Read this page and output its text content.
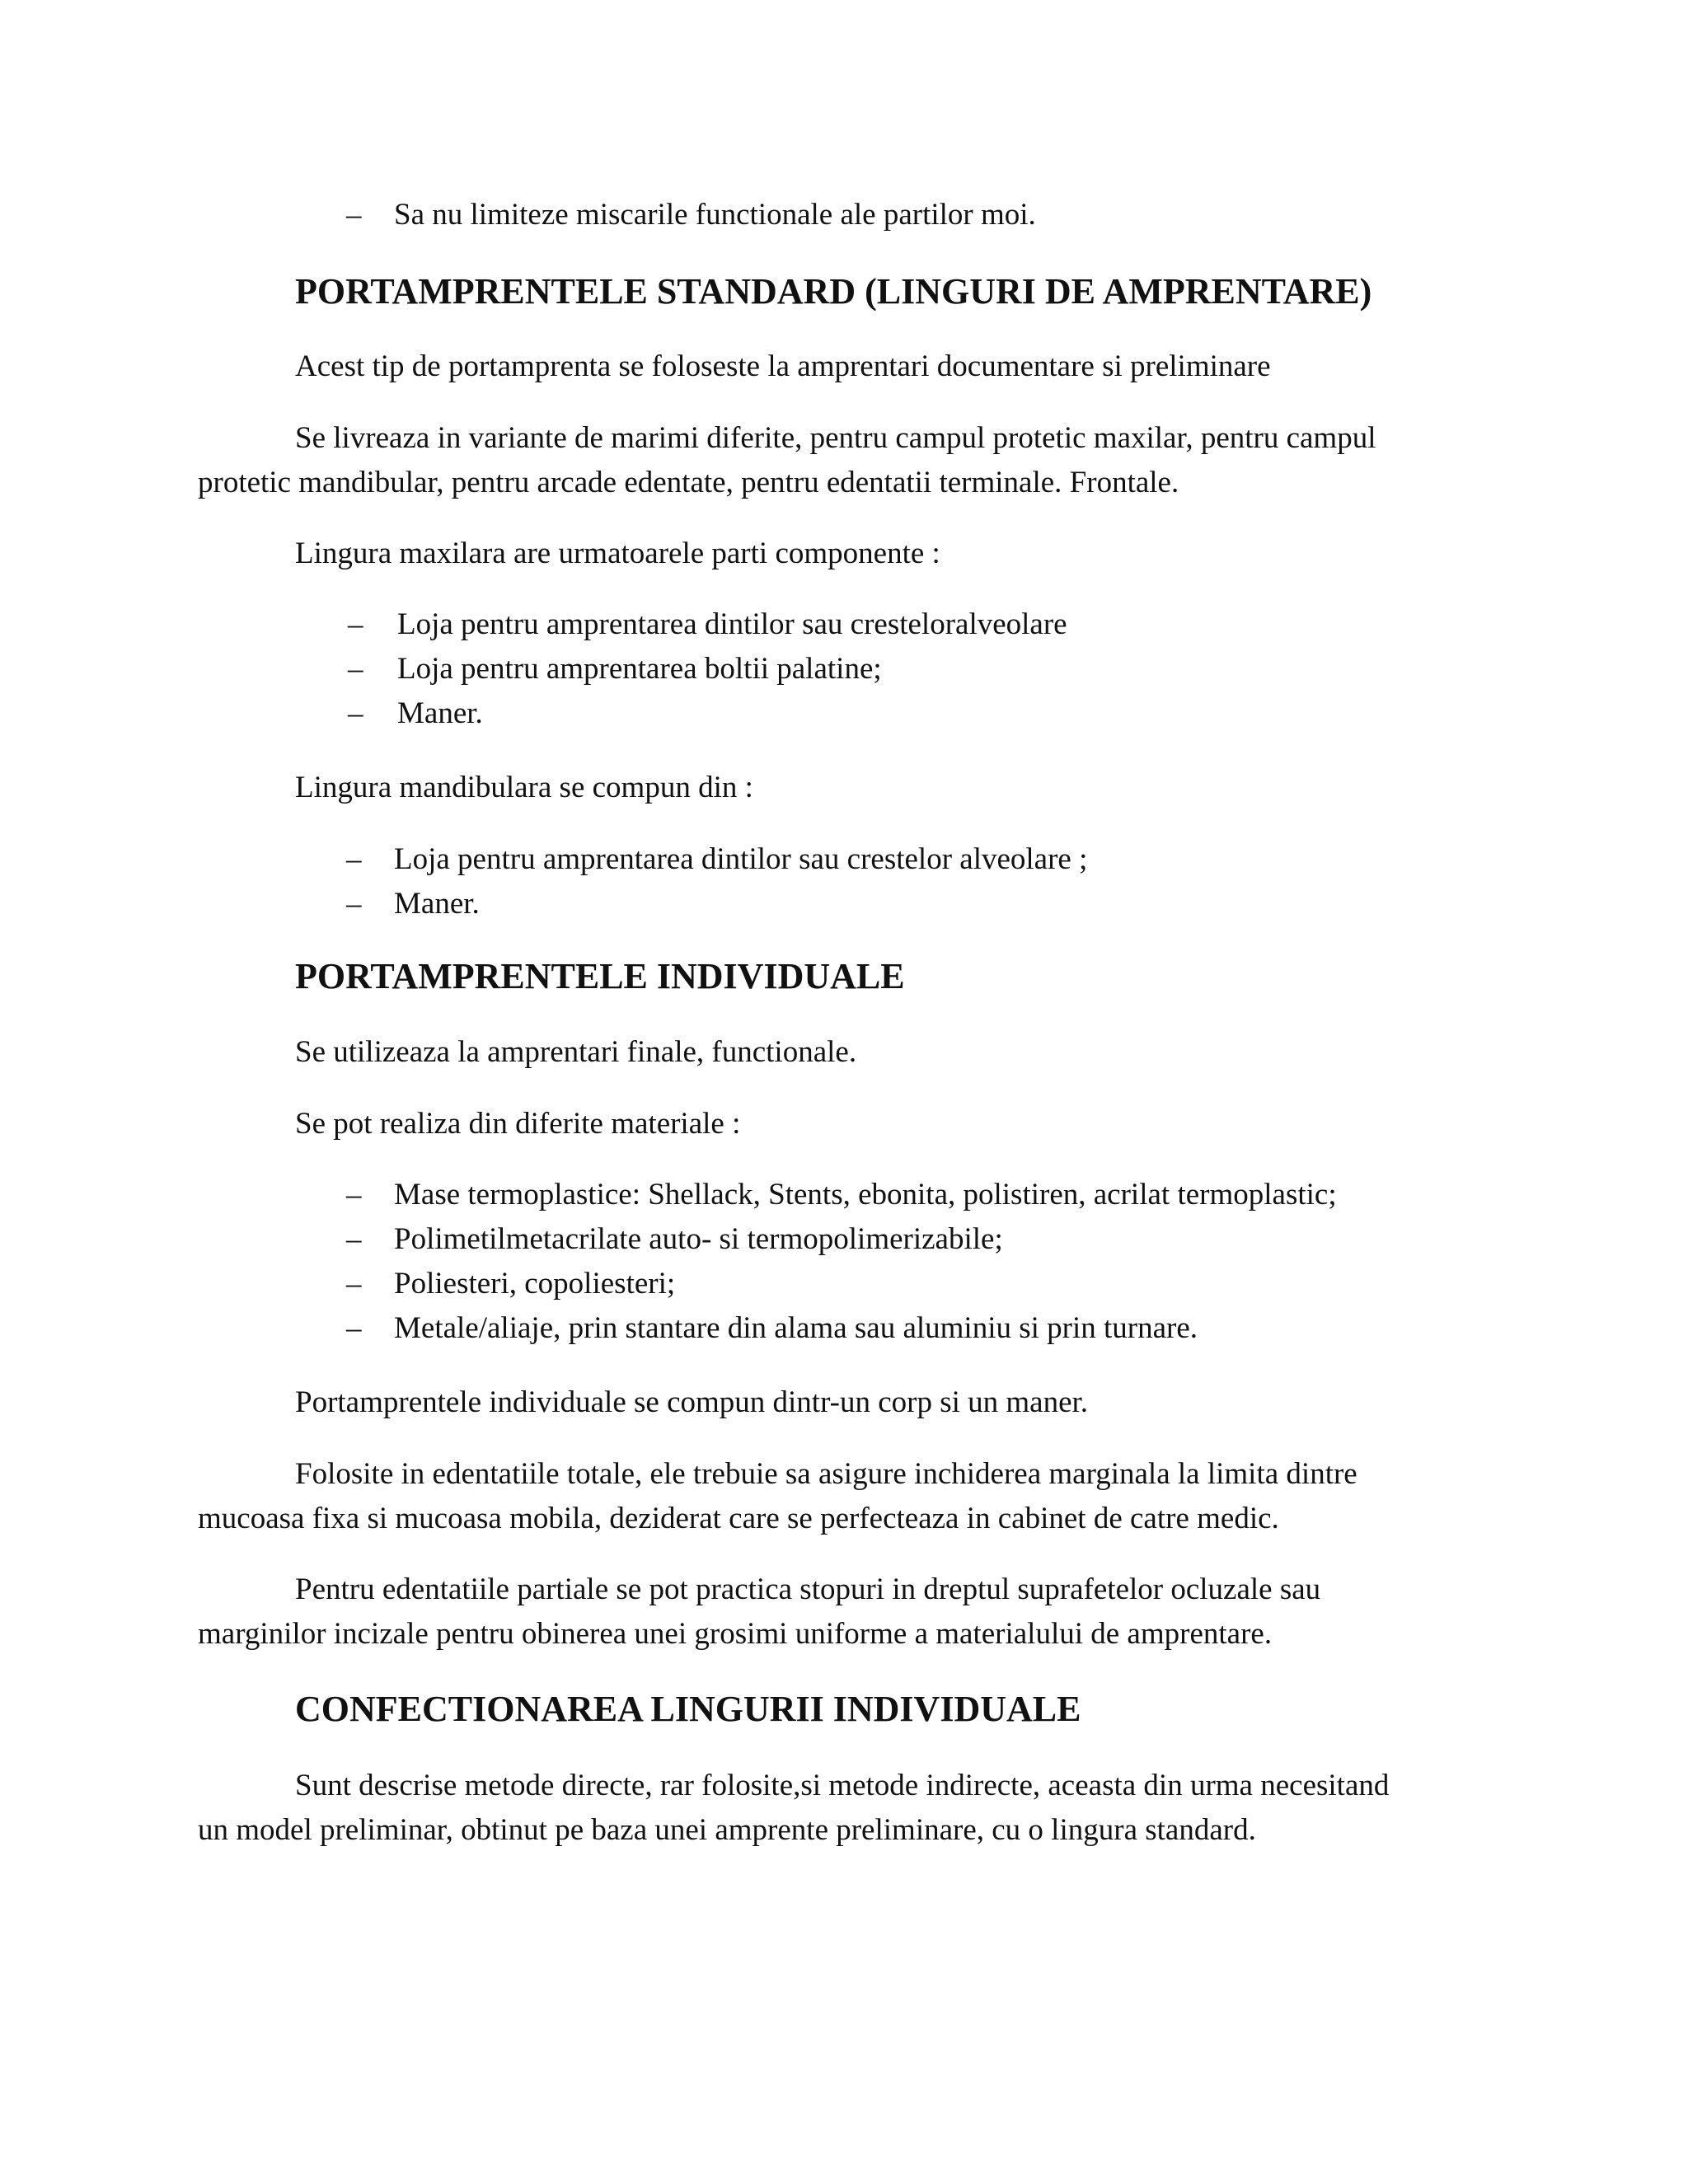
– Sa nu limiteze miscarile functionale ale partilor moi.
PORTAMPRENTELE STANDARD (LINGURI DE AMPRENTARE)

Acest tip de portamprenta se foloseste la amprentari documentare si preliminare

Se livreaza in variante de marimi diferite, pentru campul protetic maxilar, pentru campul

protetic mandibular, pentru arcade edentate, pentru edentatii terminale. Frontale.

Lingura maxilara are urmatoarele parti componente :

– Loja pentru amprentarea dintilor sau cresteloralveolare
– Loja pentru amprentarea boltii palatine;
– Maner.

Lingura mandibulara se compun din :

– Loja pentru amprentarea dintilor sau crestelor alveolare ;
– Maner.
PORTAMPRENTELE INDIVIDUALE

Se utilizeaza la amprentari finale, functionale.

Se pot realiza din diferite materiale :

– Mase termoplastice: Shellack, Stents, ebonita, polistiren, acrilat termoplastic;
– Polimetilmetacrilate auto- si termopolimerizabile;
– Poliesteri, copoliesteri;
– Metale/aliaje, prin stantare din alama sau aluminiu si prin turnare.

Portamprentele individuale se compun dintr-un corp si un maner.

Folosite in edentatiile totale, ele trebuie sa asigure inchiderea marginala la limita dintre

mucoasa fixa si mucoasa mobila, deziderat care se perfecteaza in cabinet de catre medic.

Pentru edentatiile partiale se pot practica stopuri in dreptul suprafetelor ocluzale sau

marginilor incizale pentru obinerea unei grosimi uniforme a materialului de amprentare.

CONFECTIONAREA LINGURII INDIVIDUALE

Sunt descrise metode directe, rar folosite,si metode indirecte, aceasta din urma necesitand

un model preliminar, obtinut pe baza unei amprente preliminare, cu o lingura standard.
